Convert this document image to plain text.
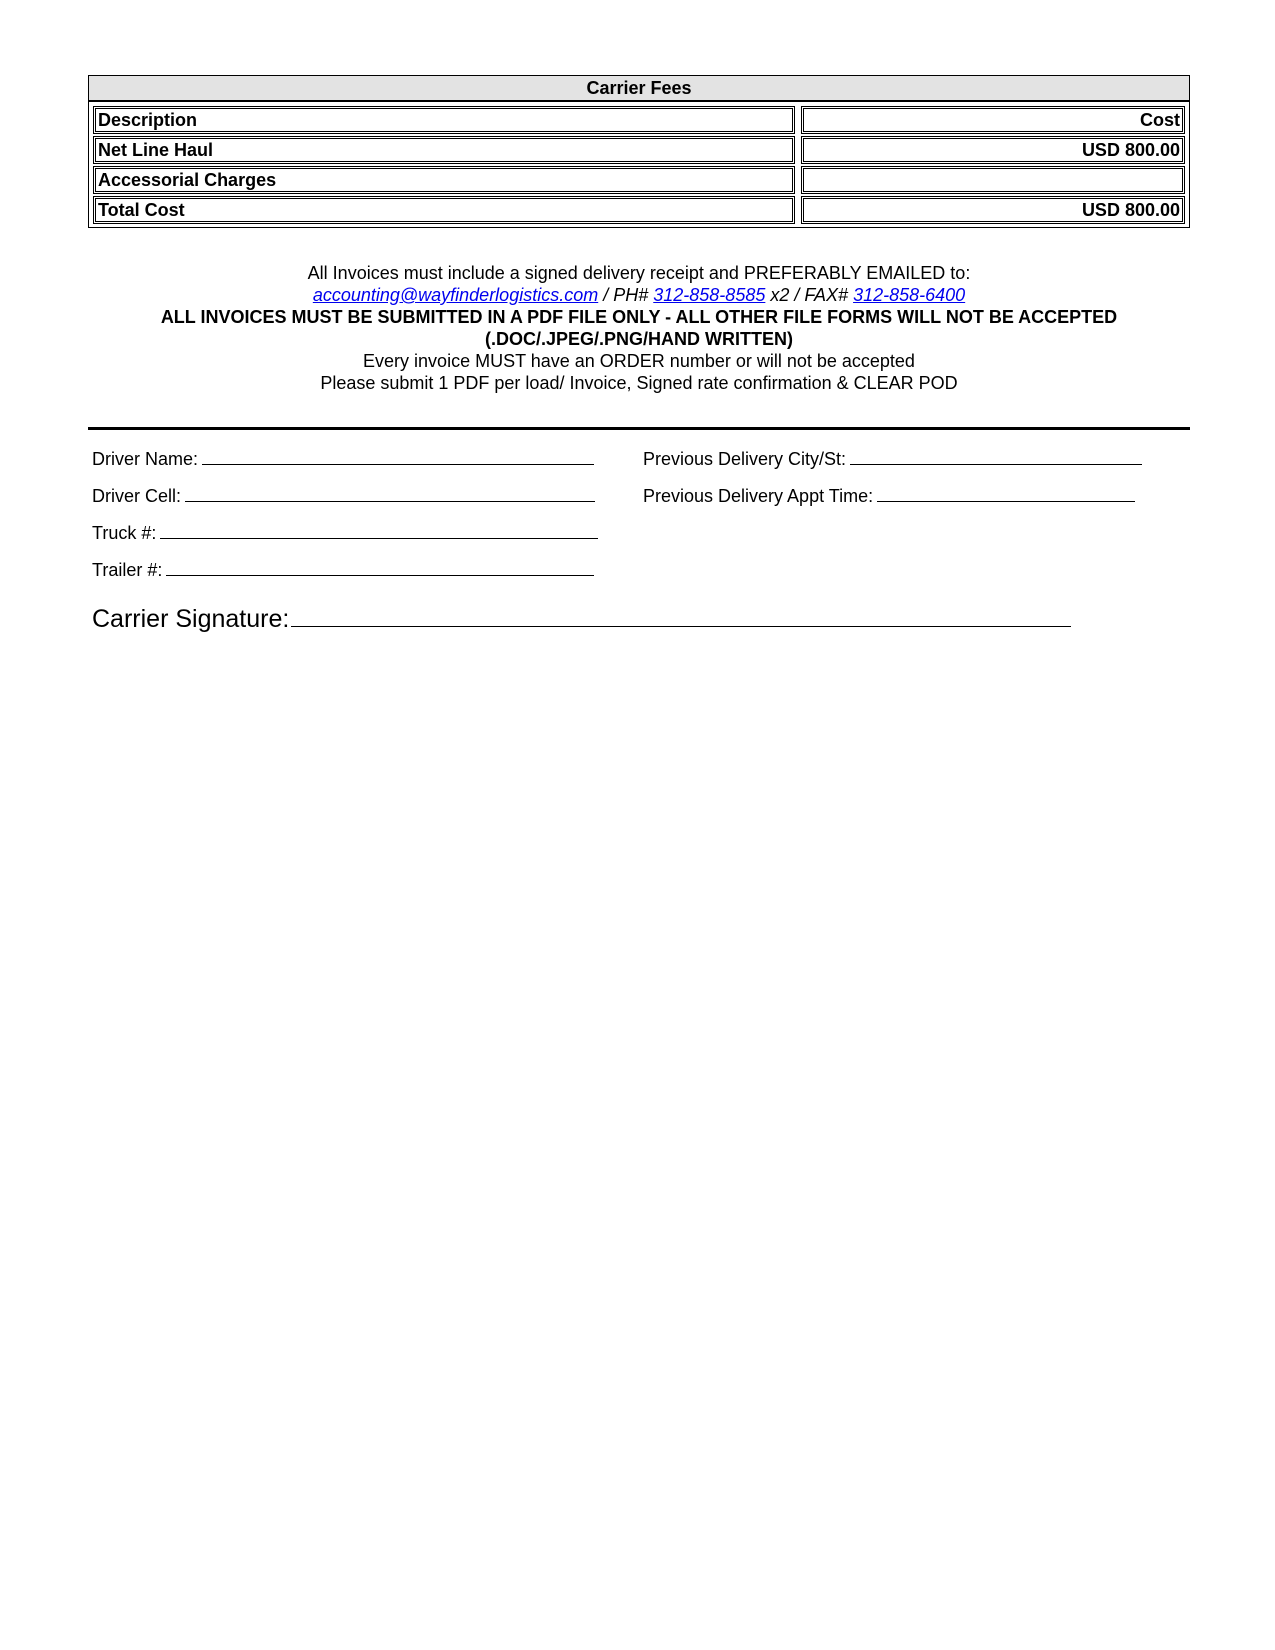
Carrier Fees
Description	Cost
Net Line Haul	USD 800.00
Accessorial Charges
Total Cost	USD 800.00
All Invoices must include a signed delivery receipt and PREFERABLY EMAILED to:
accounting@wayfinderlogistics.com / PH# 312-858-8585 x2 / FAX# 312-858-6400
ALL INVOICES MUST BE SUBMITTED IN A PDF FILE ONLY - ALL OTHER FILE FORMS WILL NOT BE ACCEPTED
(.DOC/.JPEG/.PNG/HAND WRITTEN)
Every invoice MUST have an ORDER number or will not be accepted
Please submit 1 PDF per load/ Invoice, Signed rate confirmation & CLEAR POD
Driver Name:
Driver Cell:
Truck #:
Trailer #:
Previous Delivery City/St:
Previous Delivery Appt Time:
Carrier Signature:
